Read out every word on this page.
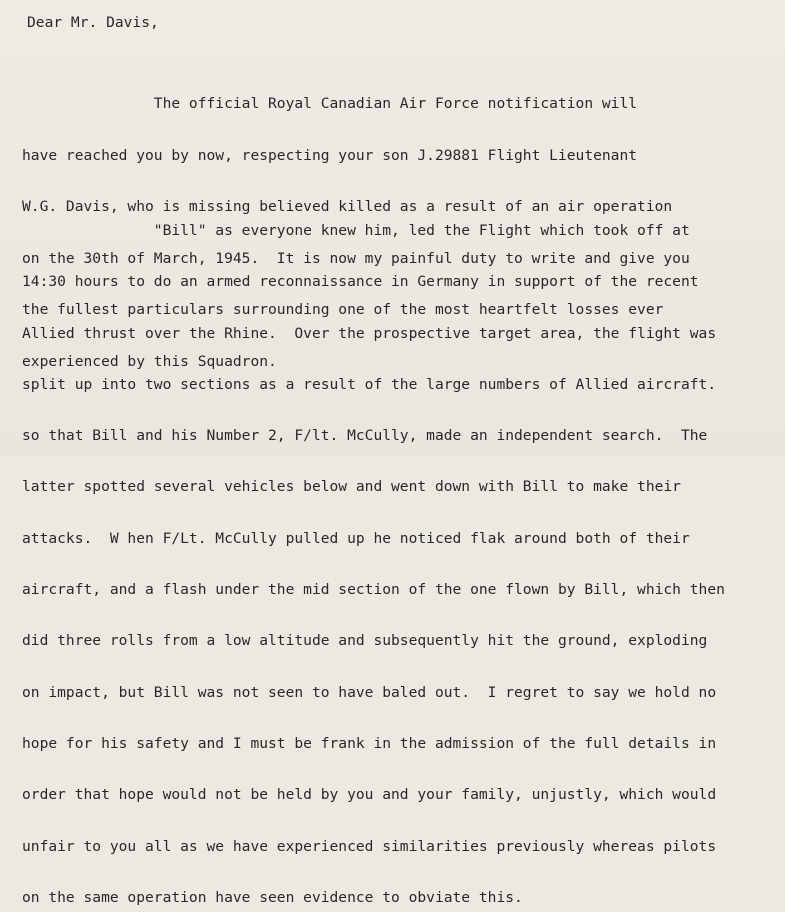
Dear Mr. Davis,

The official Royal Canadian Air Force notification will

have reached you by now, respecting your son J.29881 Flight Lieutenant

W.G. Davis, who is missing believed killed as a result of an air operation

on the 30th of March, 1945.  It is now my painful duty to write and give you

the fullest particulars surrounding one of the most heartfelt losses ever

experienced by this Squadron.

"Bill" as everyone knew him, led the Flight which took off at

14:30 hours to do an armed reconnaissance in Germany in support of the recent

Allied thrust over the Rhine.  Over the prospective target area, the flight was

split up into two sections as a result of the large numbers of Allied aircraft.

so that Bill and his Number 2, F/lt. McCully, made an independent search.  The

latter spotted several vehicles below and went down with Bill to make their

attacks.  W hen F/Lt. McCully pulled up he noticed flak around both of their

aircraft, and a flash under the mid section of the one flown by Bill, which then

did three rolls from a low altitude and subsequently hit the ground, exploding

on impact, but Bill was not seen to have baled out.  I regret to say we hold no

hope for his safety and I must be frank in the admission of the full details in

order that hope would not be held by you and your family, unjustly, which would

unfair to you all as we have experienced similarities previously whereas pilots

on the same operation have seen evidence to obviate this.
